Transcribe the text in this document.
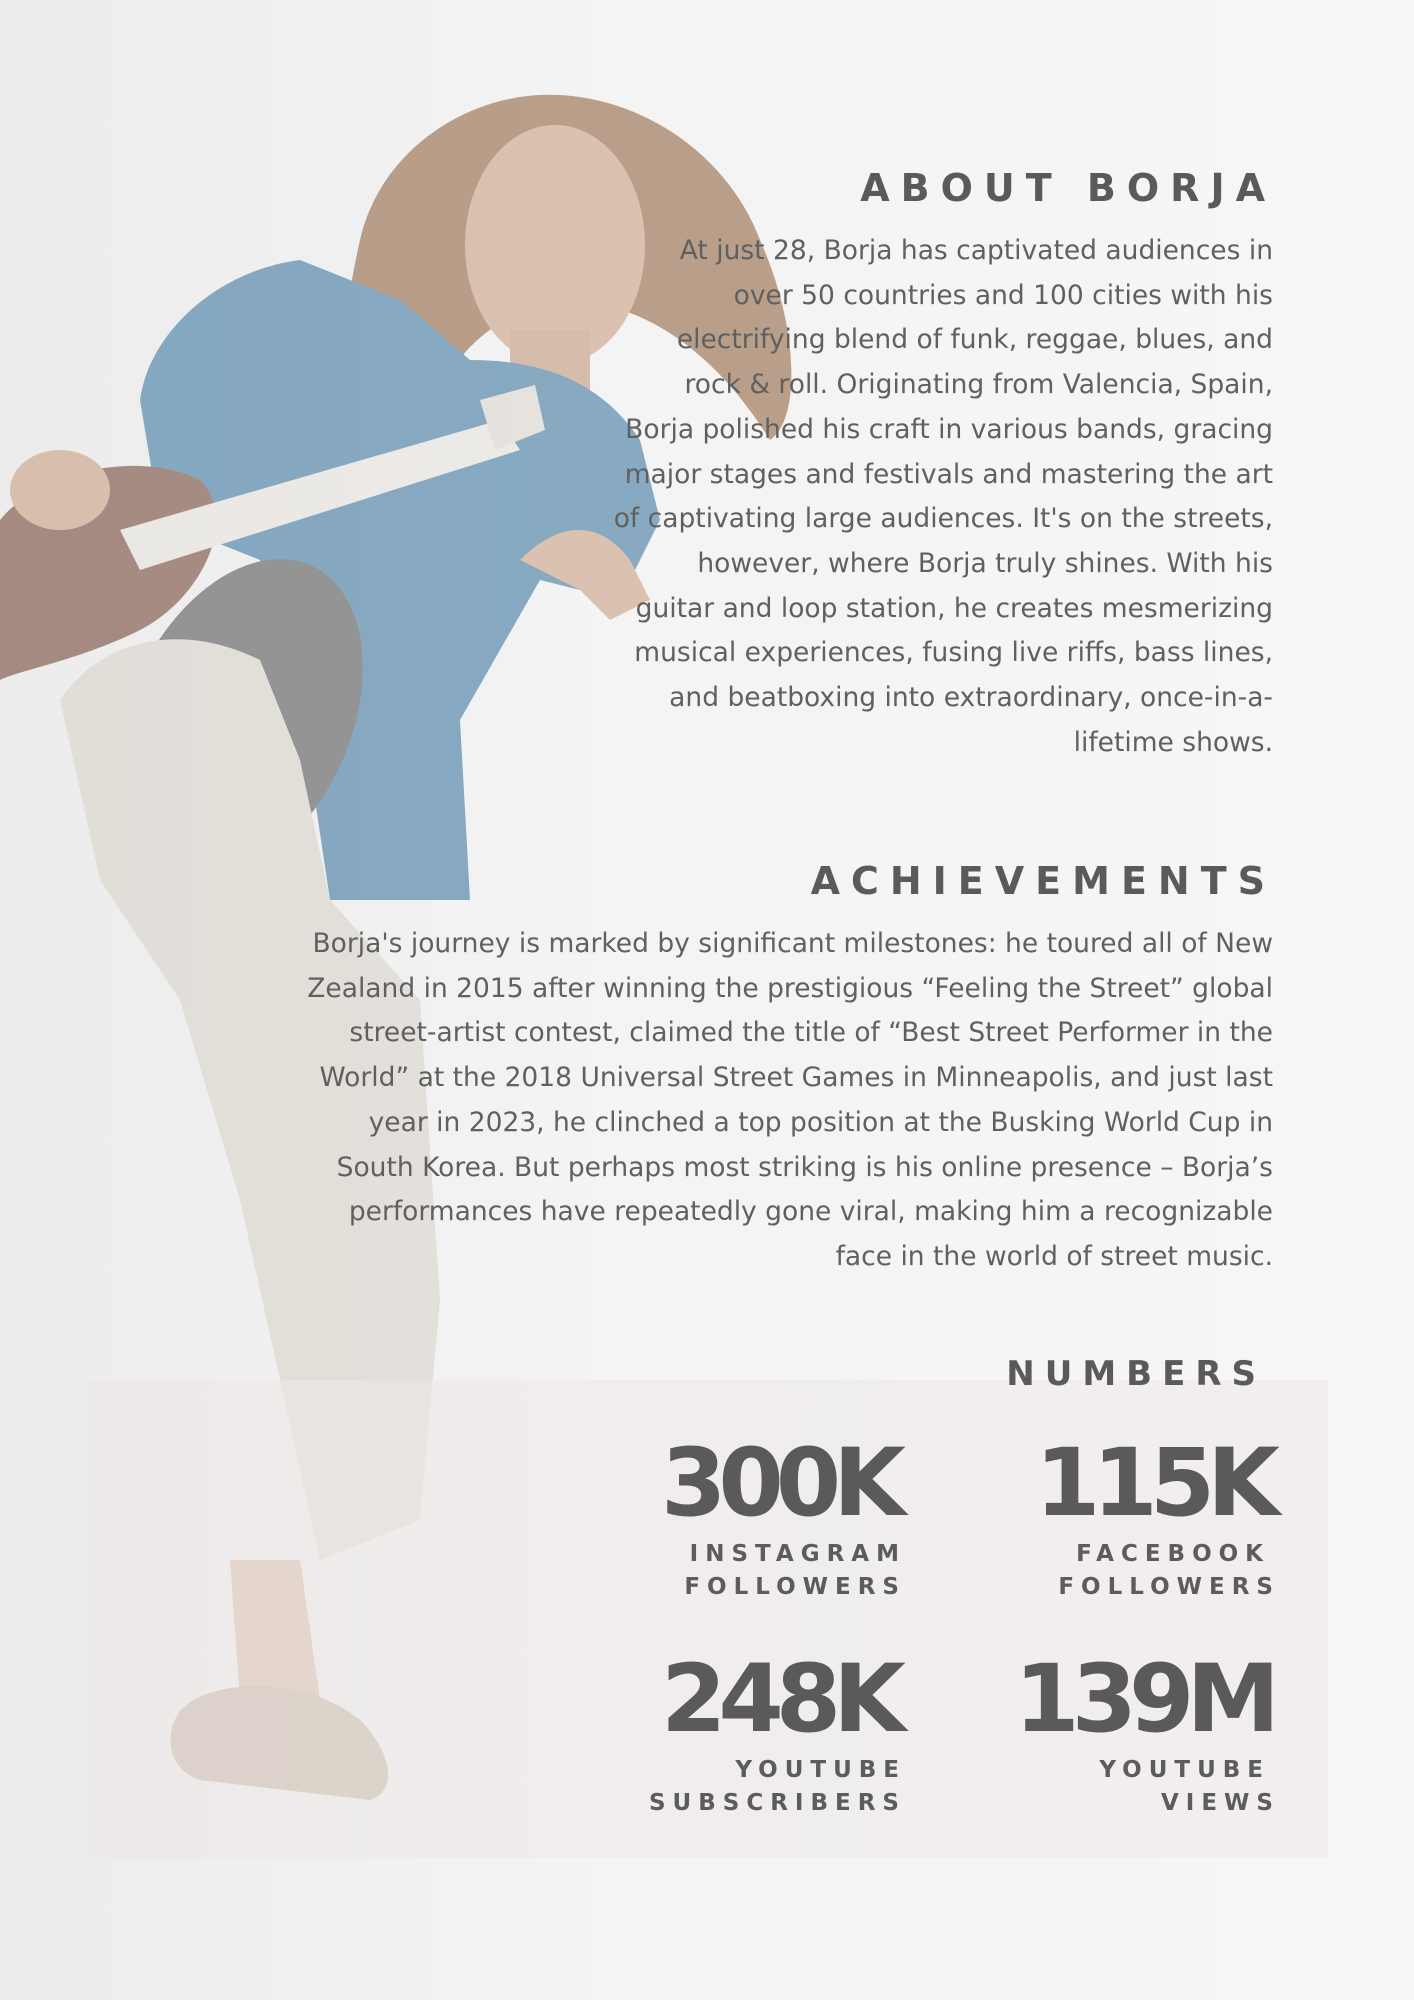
ABOUT BORJA

At just 28, Borja has captivated audiences in over 50 countries and 100 cities with his electrifying blend of funk, reggae, blues, and rock & roll. Originating from Valencia, Spain, Borja polished his craft in various bands, gracing major stages and festivals and mastering the art of captivating large audiences. It's on the streets, however, where Borja truly shines. With his guitar and loop station, he creates mesmerizing musical experiences, fusing live riffs, bass lines, and beatboxing into extraordinary, once-in-a-lifetime shows.

ACHIEVEMENTS

Borja's journey is marked by significant milestones: he toured all of New Zealand in 2015 after winning the prestigious “Feeling the Street” global street-artist contest, claimed the title of “Best Street Performer in the World” at the 2018 Universal Street Games in Minneapolis, and just last year in 2023, he clinched a top position at the Busking World Cup in South Korea. But perhaps most striking is his online presence – Borja’s performances have repeatedly gone viral, making him a recognizable face in the world of street music.

NUMBERS
300K
INSTAGRAM
FOLLOWERS
115K
FACEBOOK
FOLLOWERS
248K
YOUTUBE
SUBSCRIBERS
139M
YOUTUBE
VIEWS
